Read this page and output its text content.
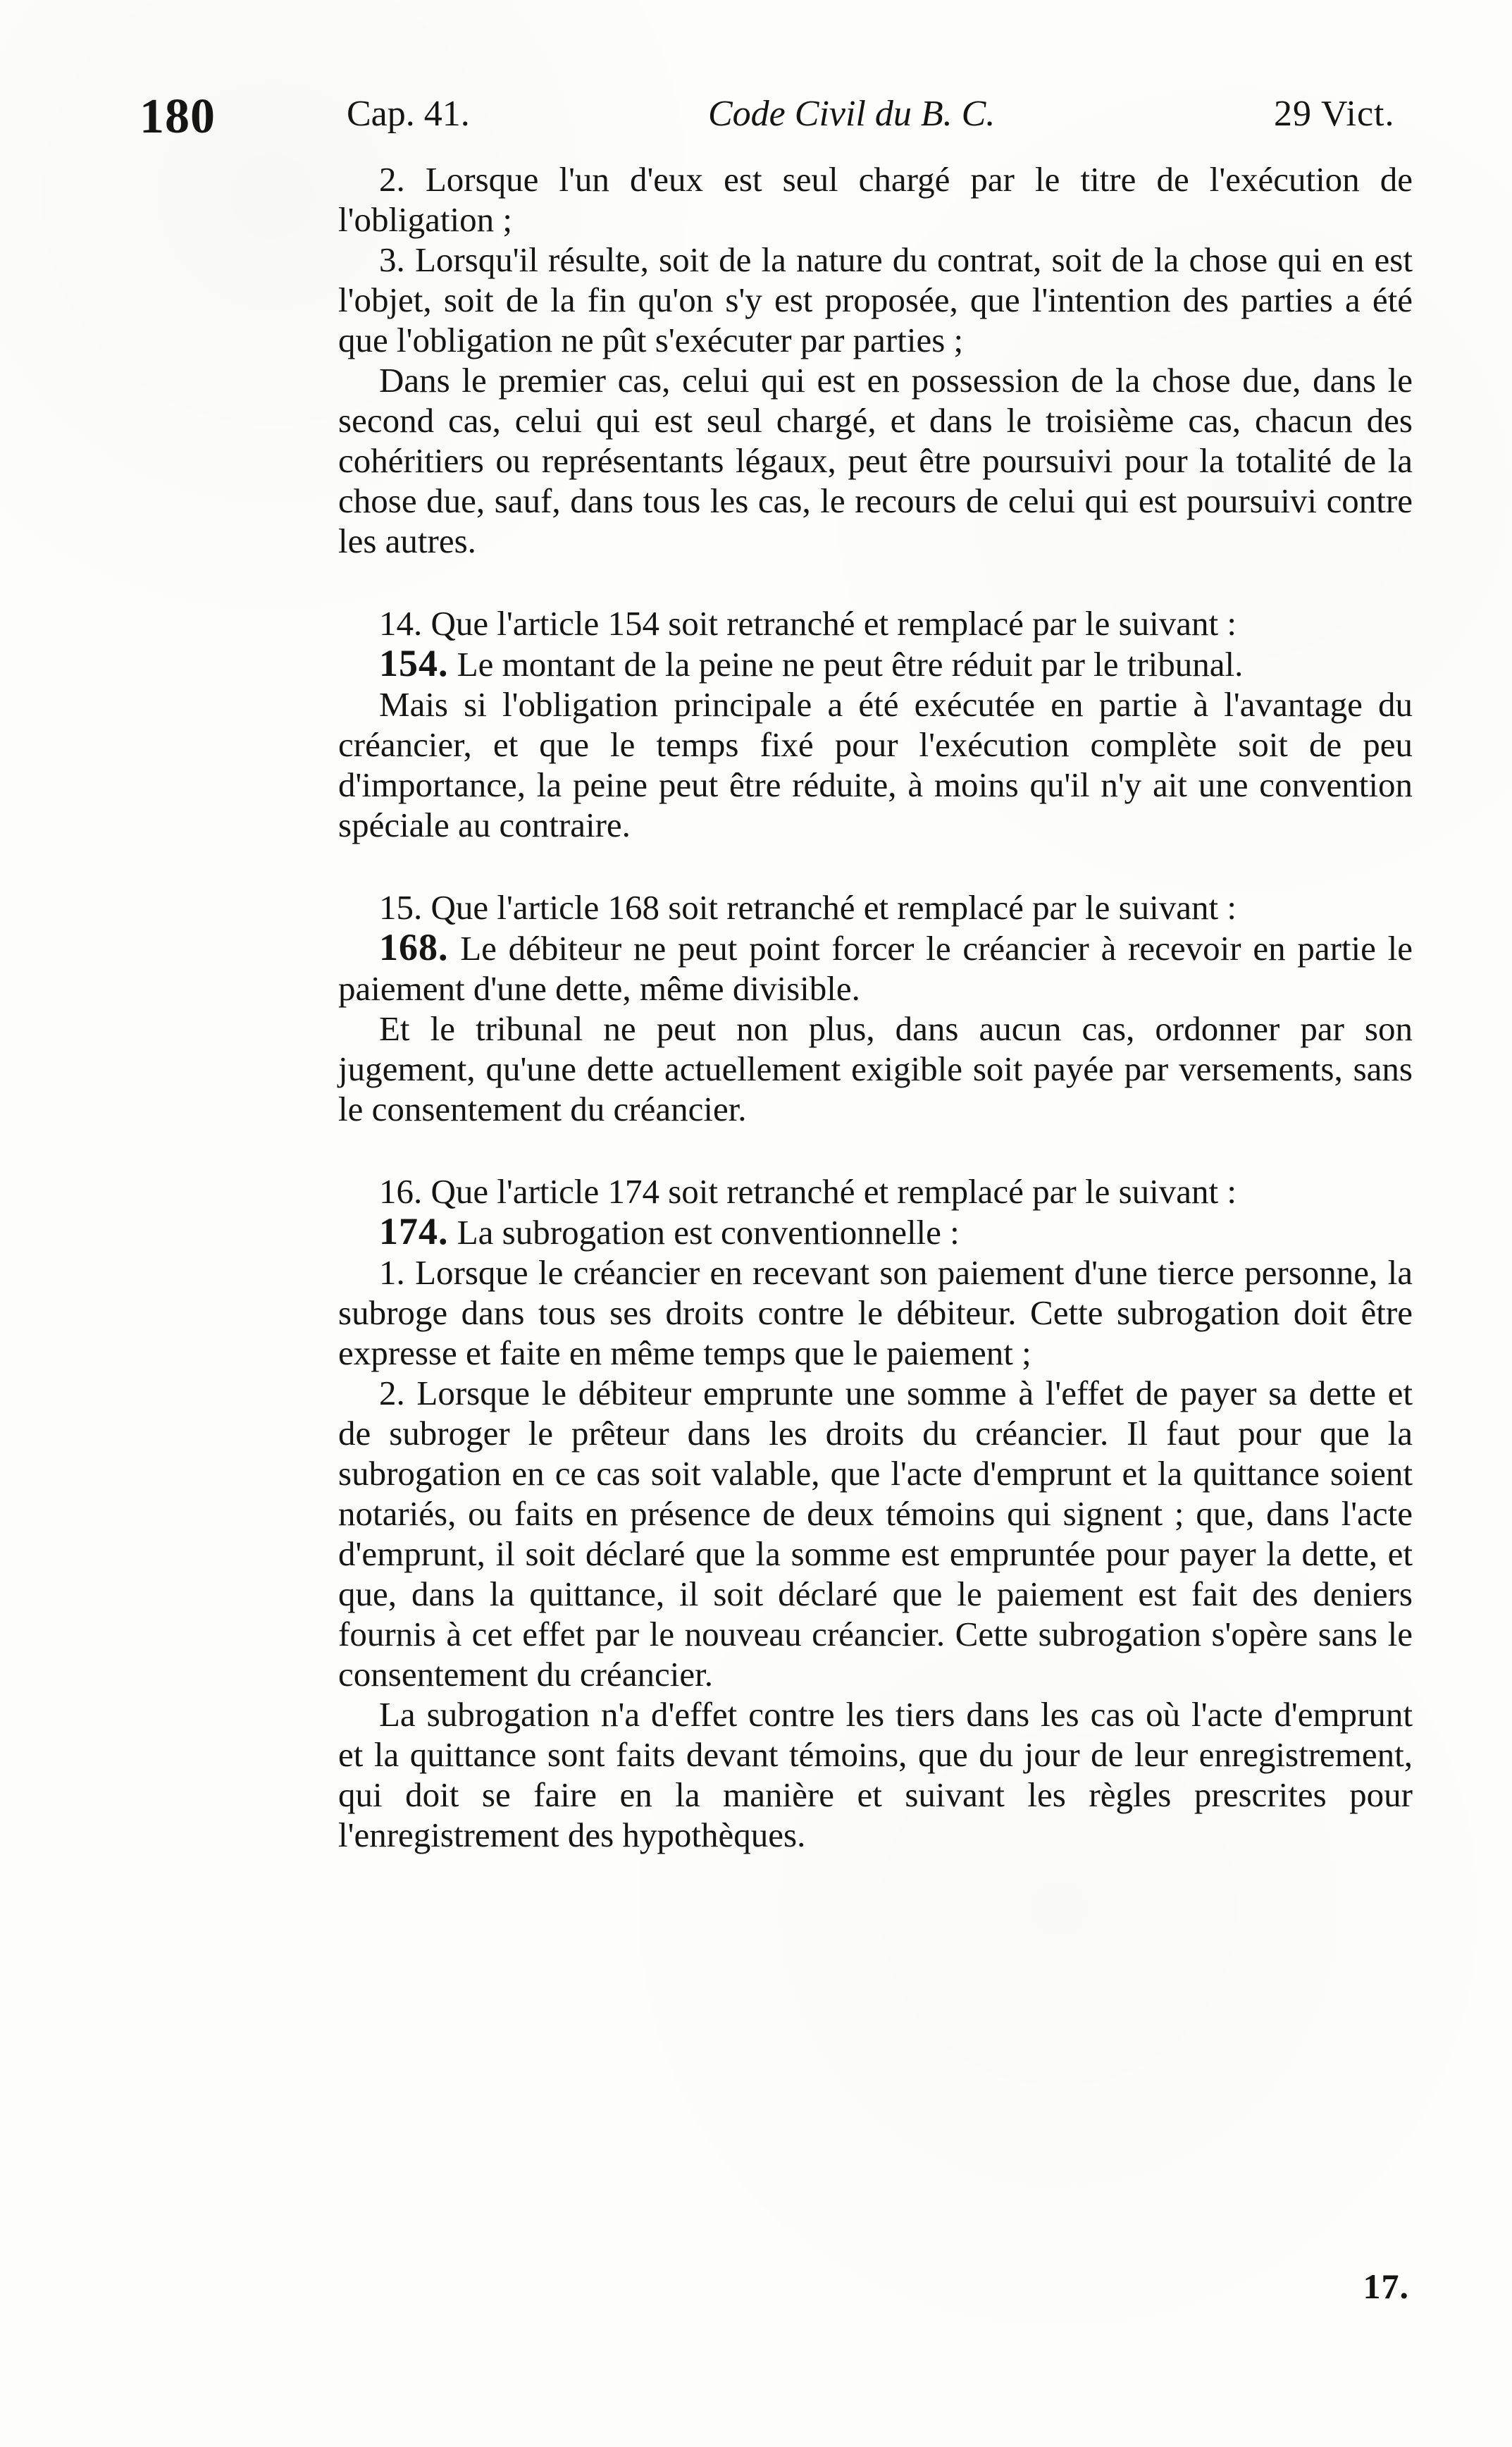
180	Cap. 41.	Code Civil du B. C.	29 Vict.

2. Lorsque l'un d'eux est seul chargé par le titre de l'exécution de l'obligation ;

3. Lorsqu'il résulte, soit de la nature du contrat, soit de la chose qui en est l'objet, soit de la fin qu'on s'y est proposée, que l'intention des parties a été que l'obligation ne pût s'exécuter par parties ;

Dans le premier cas, celui qui est en possession de la chose due, dans le second cas, celui qui est seul chargé, et dans le troisième cas, chacun des cohéritiers ou représentants légaux, peut être poursuivi pour la totalité de la chose due, sauf, dans tous les cas, le recours de celui qui est poursuivi contre les autres.

14. Que l'article 154 soit retranché et remplacé par le suivant :

154. Le montant de la peine ne peut être réduit par le tribunal.

Mais si l'obligation principale a été exécutée en partie à l'avantage du créancier, et que le temps fixé pour l'exécution complète soit de peu d'importance, la peine peut être réduite, à moins qu'il n'y ait une convention spéciale au contraire.

15. Que l'article 168 soit retranché et remplacé par le suivant :

168. Le débiteur ne peut point forcer le créancier à recevoir en partie le paiement d'une dette, même divisible.

Et le tribunal ne peut non plus, dans aucun cas, ordonner par son jugement, qu'une dette actuellement exigible soit payée par versements, sans le consentement du créancier.

16. Que l'article 174 soit retranché et remplacé par le suivant :

174. La subrogation est conventionnelle :

1. Lorsque le créancier en recevant son paiement d'une tierce personne, la subroge dans tous ses droits contre le débiteur. Cette subrogation doit être expresse et faite en même temps que le paiement ;

2. Lorsque le débiteur emprunte une somme à l'effet de payer sa dette et de subroger le prêteur dans les droits du créancier. Il faut pour que la subrogation en ce cas soit valable, que l'acte d'emprunt et la quittance soient notariés, ou faits en présence de deux témoins qui signent ; que, dans l'acte d'emprunt, il soit déclaré que la somme est empruntée pour payer la dette, et que, dans la quittance, il soit déclaré que le paiement est fait des deniers fournis à cet effet par le nouveau créancier. Cette subrogation s'opère sans le consentement du créancier.

La subrogation n'a d'effet contre les tiers dans les cas où l'acte d'emprunt et la quittance sont faits devant témoins, que du jour de leur enregistrement, qui doit se faire en la manière et suivant les règles prescrites pour l'enregistrement des hypothèques.

17.
